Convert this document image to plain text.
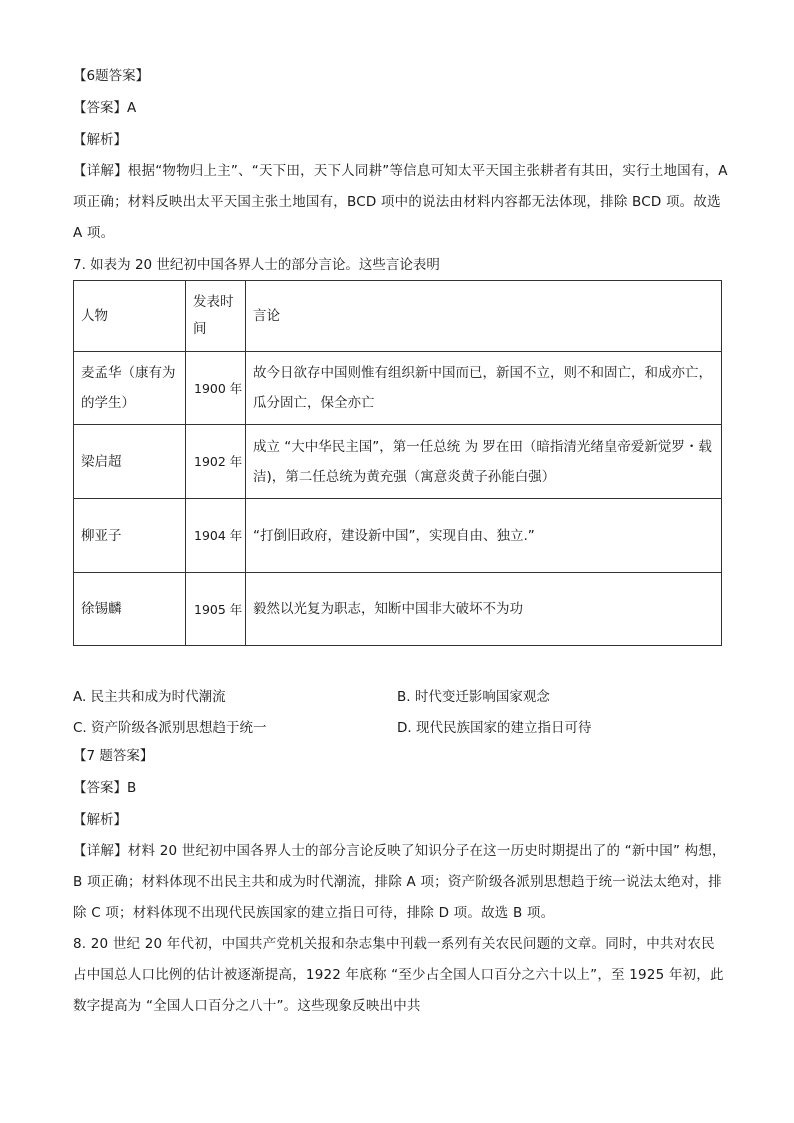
【6题答案】
【答案】A
【解析】

【详解】根据“物物归上主”、“天下田，天下人同耕”等信息可知太平天国主张耕者有其田，实行土地国有，A

项正确；材料反映出太平天国主张土地国有，BCD 项中的说法由材料内容都无法体现，排除 BCD 项。故选

A 项。

7. 如表为 20 世纪初中国各界人士的部分言论。这些言论表明
人物	发表时间	言论
麦孟华（康有为的学生）	1900 年	故今日欲存中国则惟有组织新中国而已，新国不立，则不和固亡，和成亦亡，瓜分固亡，保全亦亡
梁启超	1902 年	成立 “大中华民主国”，第一任总统 为 罗在田（暗指清光绪皇帝爱新觉罗・载洁)，第二任总统为黄充强（寓意炎黄子孙能白强）
柳亚子	1904 年	“打倒旧政府，建设新中国”，实现自由、独立.”
徐锡麟	1905 年	毅然以光复为职志，知断中国非大破坏不为功
A. 民主共和成为时代潮流	B. 时代变迁影响国家观念
C. 资产阶级各派别思想趋于统一	D. 现代民族国家的建立指日可待
【7 题答案】
【答案】B
【解析】

【详解】材料 20 世纪初中国各界人士的部分言论反映了知识分子在这一历史时期提出了的 “新中国” 构想，

B 项正确；材料体现不出民主共和成为时代潮流，排除 A 项；资产阶级各派别思想趋于统一说法太绝对，排

除 C 项；材料体现不出现代民族国家的建立指日可待，排除 D 项。故选 B 项。

8. 20 世纪 20 年代初，中国共产党机关报和杂志集中刊载一系列有关农民问题的文章。同时，中共对农民

占中国总人口比例的估计被逐渐提高，1922 年底称 “至少占全国人口百分之六十以上”，至 1925 年初，此

数字提高为 “全国人口百分之八十”。这些现象反映出中共
